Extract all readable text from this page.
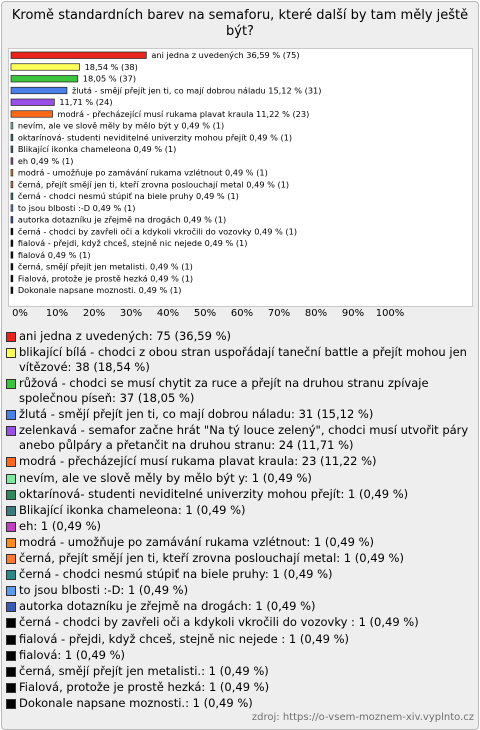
Kromě standardních barev na semaforu, které další by tam měly ještě být?
ani jedna z uvedených 36,59 % (75)
18,54 % (38)
18,05 % (37)
žlutá - smějí přejít jen ti, co mají dobrou náladu 15,12 % (31)
11,71 % (24)
modrá - přecházející musí rukama plavat kraula 11,22 % (23)
nevím, ale ve slově měly by mělo být y 0,49 % (1)
oktarínová- studenti neviditelné univerzity mohou přejít 0,49 % (1)
Blikající ikonka chameleona 0,49 % (1)
eh 0,49 % (1)
modrá - umožňuje po zamávání rukama vzlétnout 0,49 % (1)
černá, přejít smějí jen ti, kteří zrovna poslouchají metal 0,49 % (1)
černá - chodci nesmú stúpiť na biele pruhy 0,49 % (1)
to jsou blbosti :-D 0,49 % (1)
autorka dotazníku je zřejmě na drogách 0,49 % (1)
černá - chodci by zavřeli oči a kdykoli vkročili do vozovky 0,49 % (1)
fialová - přejdi, když chceš, stejně nic nejede 0,49 % (1)
fialová 0,49 % (1)
černá, smějí přejít jen metalisti. 0,49 % (1)
Fialová, protože je prostě hezká 0,49 % (1)
Dokonale napsane moznosti. 0,49 % (1)
0% 10% 20% 30% 40% 50% 60% 70% 80% 90% 100%
ani jedna z uvedených: 75 (36,59 %)
blikající bílá - chodci z obou stran uspořádají taneční battle a přejít mohou jen vítězové: 38 (18,54 %)
růžová - chodci se musí chytit za ruce a přejít na druhou stranu zpívaje společnou píseň: 37 (18,05 %)
žlutá - smějí přejít jen ti, co mají dobrou náladu: 31 (15,12 %)
zelenkavá - semafor začne hrát "Na tý louce zelený", chodci musí utvořit páry anebo půlpáry a přetančit na druhou stranu: 24 (11,71 %)
modrá - přecházející musí rukama plavat kraula: 23 (11,22 %)
nevím, ale ve slově měly by mělo být y: 1 (0,49 %)
oktarínová- studenti neviditelné univerzity mohou přejít: 1 (0,49 %)
Blikající ikonka chameleona: 1 (0,49 %)
eh: 1 (0,49 %)
modrá - umožňuje po zamávání rukama vzlétnout: 1 (0,49 %)
černá, přejít smějí jen ti, kteří zrovna poslouchají metal: 1 (0,49 %)
černá - chodci nesmú stúpiť na biele pruhy: 1 (0,49 %)
to jsou blbosti :-D: 1 (0,49 %)
autorka dotazníku je zřejmě na drogách: 1 (0,49 %)
černá - chodci by zavřeli oči a kdykoli vkročili do vozovky : 1 (0,49 %)
fialová - přejdi, když chceš, stejně nic nejede : 1 (0,49 %)
fialová: 1 (0,49 %)
černá, smějí přejít jen metalisti.: 1 (0,49 %)
Fialová, protože je prostě hezká: 1 (0,49 %)
Dokonale napsane moznosti.: 1 (0,49 %)
zdroj: https://o-vsem-moznem-xiv.vyplnto.cz
